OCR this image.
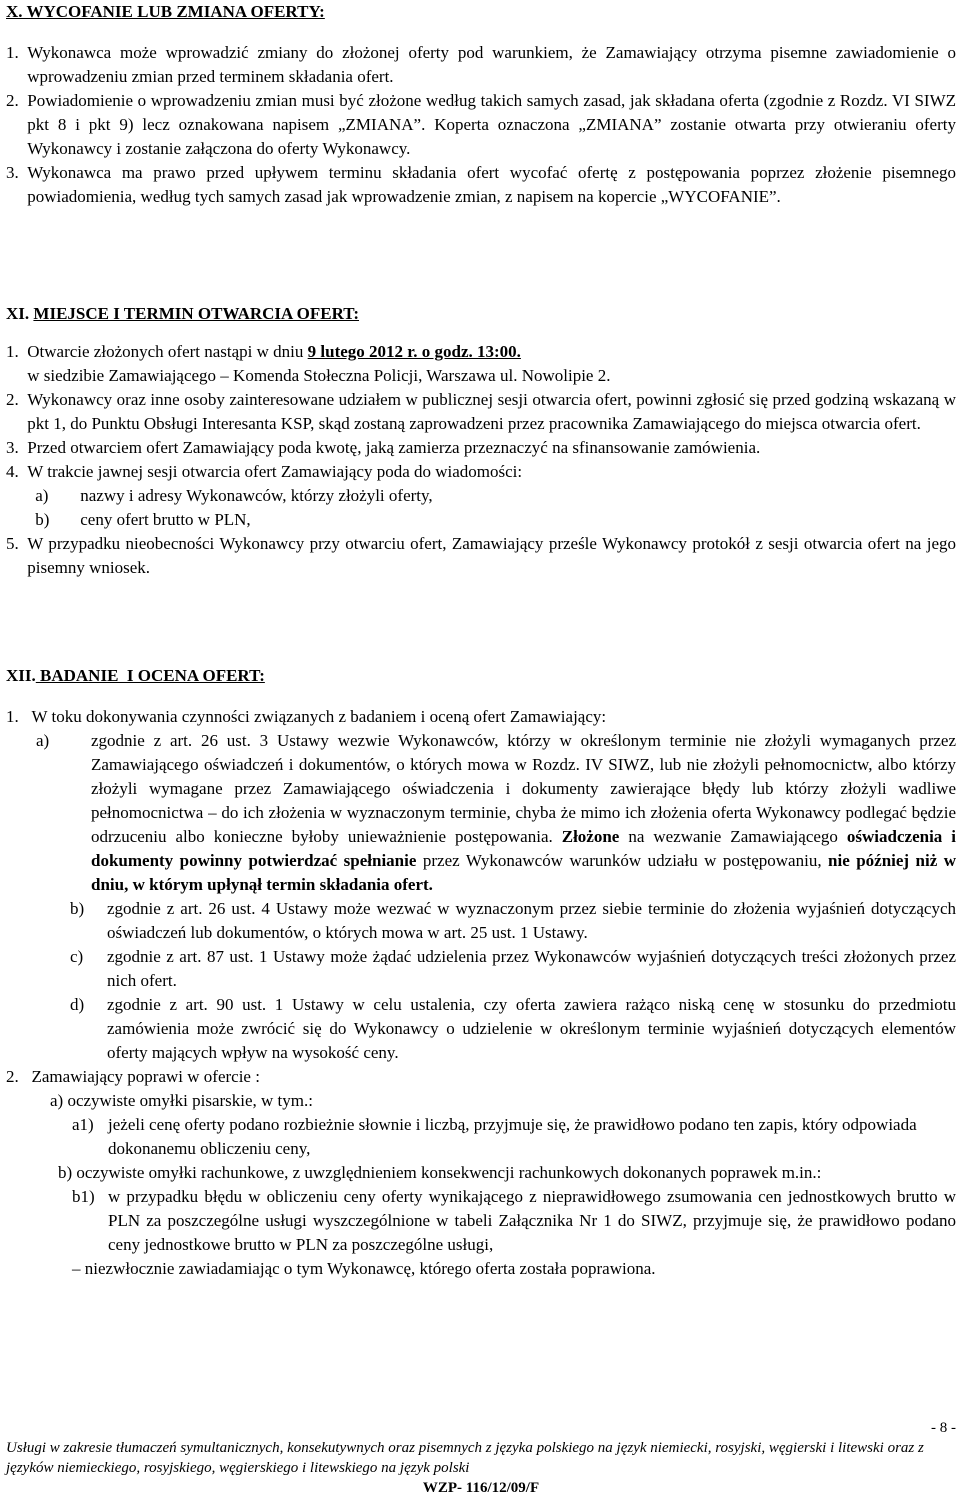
X. WYCOFANIE LUB ZMIANA OFERTY:

1. Wykonawca może wprowadzić zmiany do złożonej oferty pod warunkiem, że Zamawiający otrzyma pisemne zawiadomienie o wprowadzeniu zmian przed terminem składania ofert.
2. Powiadomienie o wprowadzeniu zmian musi być złożone według takich samych zasad, jak składana oferta (zgodnie z Rozdz. VI SIWZ pkt 8 i pkt 9) lecz oznakowana napisem „ZMIANA”. Koperta oznaczona „ZMIANA” zostanie otwarta przy otwieraniu oferty Wykonawcy i zostanie załączona do oferty Wykonawcy.
3. Wykonawca ma prawo przed upływem terminu składania ofert wycofać ofertę z postępowania poprzez złożenie pisemnego powiadomienia, według tych samych zasad jak wprowadzenie zmian, z napisem na kopercie „WYCOFANIE”.

XI. MIEJSCE I TERMIN OTWARCIA OFERT:

1. Otwarcie złożonych ofert nastąpi w dniu 9 lutego 2012 r. o godz. 13:00.
w siedzibie Zamawiającego – Komenda Stołeczna Policji, Warszawa ul. Nowolipie 2.
2. Wykonawcy oraz inne osoby zainteresowane udziałem w publicznej sesji otwarcia ofert, powinni zgłosić się przed godziną wskazaną w pkt 1, do Punktu Obsługi Interesanta KSP, skąd zostaną zaprowadzeni przez pracownika Zamawiającego do miejsca otwarcia ofert.
3. Przed otwarciem ofert Zamawiający poda kwotę, jaką zamierza przeznaczyć na sfinansowanie zamówienia.
4. W trakcie jawnej sesji otwarcia ofert Zamawiający poda do wiadomości:
a)	nazwy i adresy Wykonawców, którzy złożyli oferty,
b)	ceny ofert brutto w PLN,
5. W przypadku nieobecności Wykonawcy przy otwarciu ofert, Zamawiający prześle Wykonawcy protokół z sesji otwarcia ofert na jego pisemny wniosek.

XII. BADANIE  I OCENA OFERT:

1. W toku dokonywania czynności związanych z badaniem i oceną ofert Zamawiający:
a)	zgodnie z art. 26 ust. 3 Ustawy wezwie Wykonawców, którzy w określonym terminie nie złożyli wymaganych przez Zamawiającego oświadczeń i dokumentów, o których mowa w Rozdz. IV SIWZ, lub nie złożyli pełnomocnictw, albo którzy złożyli wymagane przez Zamawiającego oświadczenia i dokumenty zawierające błędy lub którzy złożyli wadliwe pełnomocnictwa – do ich złożenia w wyznaczonym terminie, chyba że mimo ich złożenia oferta Wykonawcy podlegać będzie odrzuceniu albo konieczne byłoby unieważnienie postępowania. Złożone na wezwanie Zamawiającego oświadczenia i dokumenty powinny potwierdzać spełnianie przez Wykonawców warunków udziału w postępowaniu, nie później niż w dniu, w którym upłynął termin składania ofert.
b)	zgodnie z art. 26 ust. 4 Ustawy może wezwać w wyznaczonym przez siebie terminie do złożenia wyjaśnień dotyczących oświadczeń lub dokumentów, o których mowa w art. 25 ust. 1 Ustawy.
c)	zgodnie z art. 87 ust. 1 Ustawy może żądać udzielenia przez Wykonawców wyjaśnień dotyczących treści złożonych przez nich ofert.
d)	zgodnie z art. 90 ust. 1 Ustawy w celu ustalenia, czy oferta zawiera rażąco niską cenę w stosunku do przedmiotu zamówienia może zwrócić się do Wykonawcy o udzielenie w określonym terminie wyjaśnień dotyczących elementów oferty mających wpływ na wysokość ceny.
2. Zamawiający poprawi w ofercie :
a) oczywiste omyłki pisarskie, w tym.:
a1) jeżeli cenę oferty podano rozbieżnie słownie i liczbą, przyjmuje się, że prawidłowo podano ten zapis, który odpowiada dokonanemu obliczeniu ceny,
b) oczywiste omyłki rachunkowe, z uwzględnieniem konsekwencji rachunkowych dokonanych poprawek m.in.:
b1) w przypadku błędu w obliczeniu ceny oferty wynikającego z nieprawidłowego zsumowania cen jednostkowych brutto w PLN za poszczególne usługi wyszczególnione w tabeli Załącznika Nr 1 do SIWZ, przyjmuje się, że prawidłowo podano ceny jednostkowe brutto w PLN za poszczególne usługi,
– niezwłocznie zawiadamiając o tym Wykonawcę, którego oferta została poprawiona.
- 8 -
Usługi w zakresie tłumaczeń symultanicznych, konsekutywnych oraz pisemnych z języka polskiego na język niemiecki, rosyjski, węgierski i litewski oraz z języków niemieckiego, rosyjskiego, węgierskiego i litewskiego na język polski
WZP- 116/12/09/F
